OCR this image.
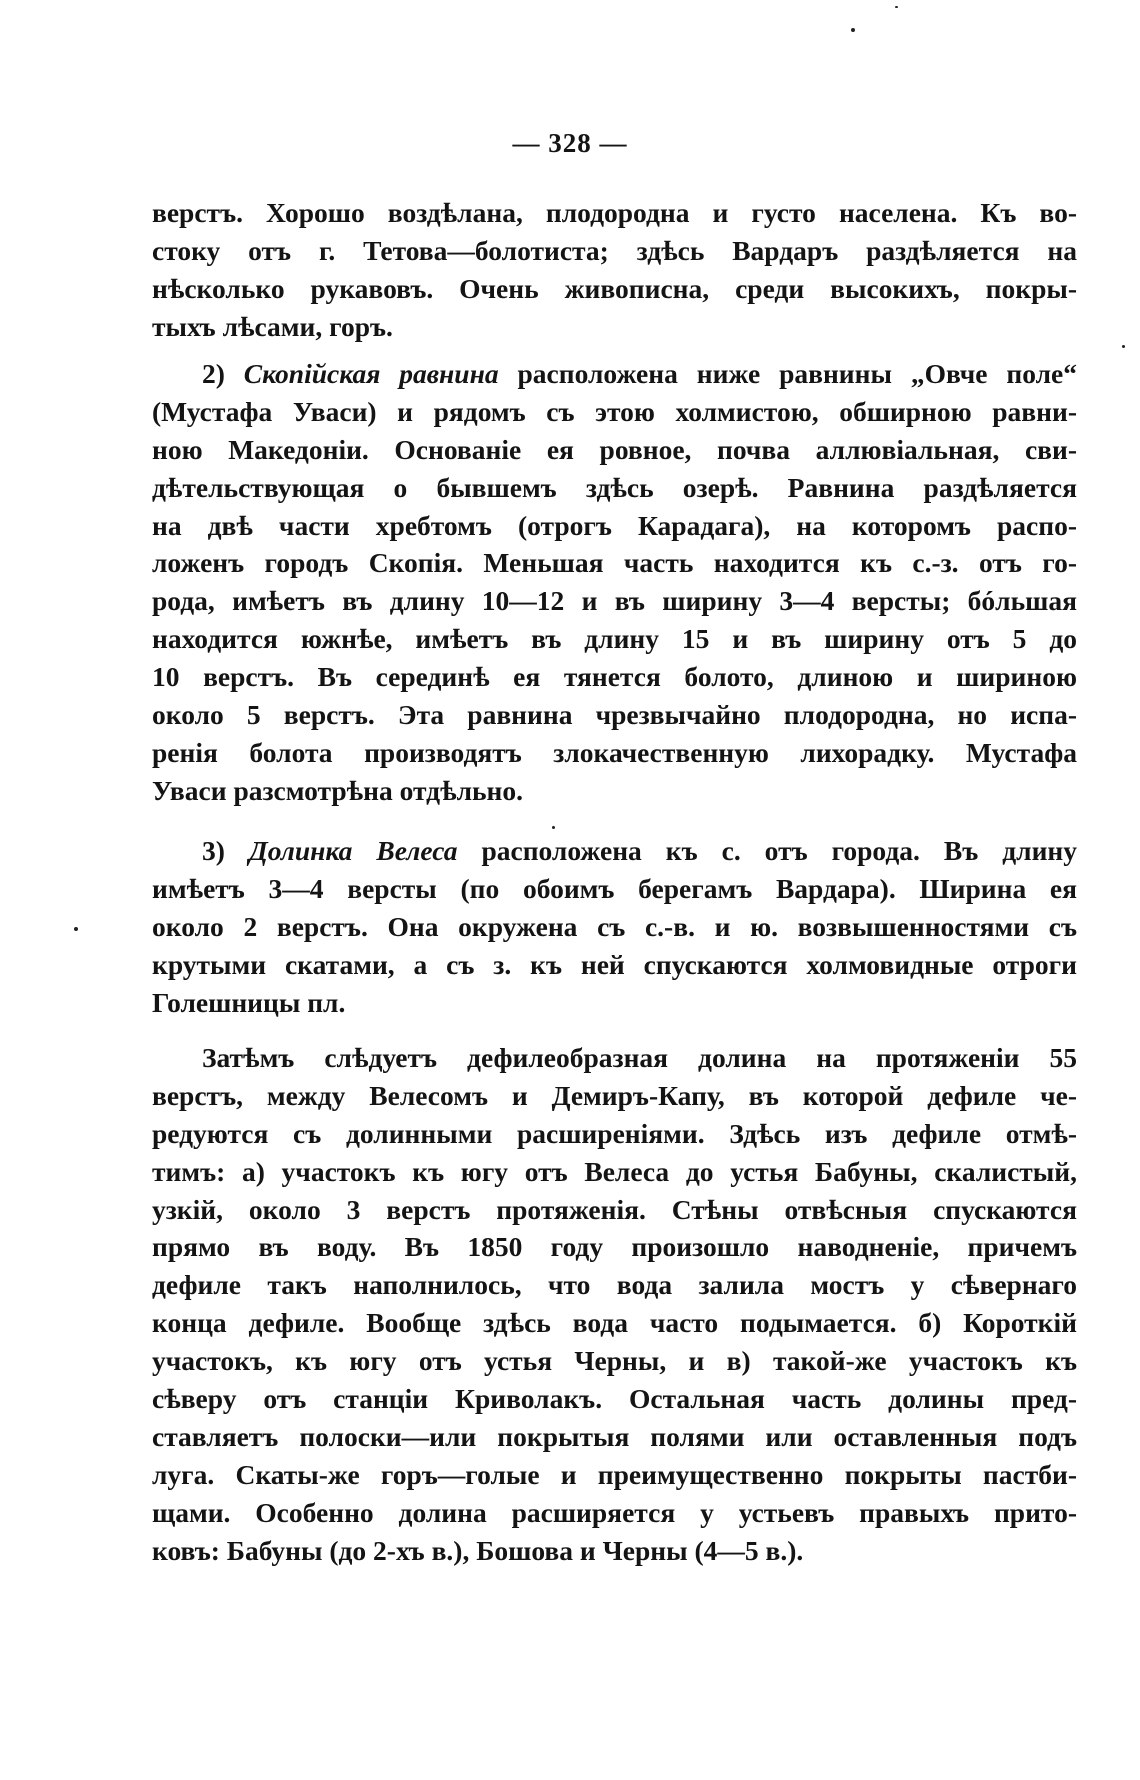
— 328 —
верстъ. Хорошо воздѣлана, плодородна и густо населена. Къ во-
стоку отъ г. Тетова—болотиста; здѣсь Вардаръ раздѣляется на
нѣсколько рукавовъ. Очень живописна, среди высокихъ, покры-
тыхъ лѣсами, горъ.
2) Скопійская равнина расположена ниже равнины „Овче поле“
(Мустафа Уваси) и рядомъ съ этою холмистою, обширною равни-
ною Македоніи. Основаніе ея ровное, почва аллювіальная, сви-
дѣтельствующая о бывшемъ здѣсь озерѣ. Равнина раздѣляется
на двѣ части хребтомъ (отрогъ Карадага), на которомъ распо-
ложенъ городъ Скопія. Меньшая часть находится къ с.-з. отъ го-
рода, имѣетъ въ длину 10—12 и въ ширину 3—4 версты; бóльшая
находится южнѣе, имѣетъ въ длину 15 и въ ширину отъ 5 до
10 верстъ. Въ серединѣ ея тянется болото, длиною и шириною
около 5 верстъ. Эта равнина чрезвычайно плодородна, но испа-
ренія болота производятъ злокачественную лихорадку. Мустафа
Уваси разсмотрѣна отдѣльно.
3) Долинка Велеса расположена къ с. отъ города. Въ длину
имѣетъ 3—4 версты (по обоимъ берегамъ Вардара). Ширина ея
около 2 верстъ. Она окружена съ с.-в. и ю. возвышенностями съ
крутыми скатами, а съ з. къ ней спускаются холмовидные отроги
Голешницы пл.
Затѣмъ слѣдуетъ дефилеобразная долина на протяженіи 55
верстъ, между Велесомъ и Демиръ-Капу, въ которой дефиле че-
редуются съ долинными расширеніями. Здѣсь изъ дефиле отмѣ-
тимъ: а) участокъ къ югу отъ Велеса до устья Бабуны, скалистый,
узкій, около 3 верстъ протяженія. Стѣны отвѣсныя спускаются
прямо въ воду. Въ 1850 году произошло наводненіе, причемъ
дефиле такъ наполнилось, что вода залила мостъ у сѣвернаго
конца дефиле. Вообще здѣсь вода часто подымается. б) Короткій
участокъ, къ югу отъ устья Черны, и в) такой-же участокъ къ
сѣверу отъ станціи Криволакъ. Остальная часть долины пред-
ставляетъ полоски—или покрытыя полями или оставленныя подъ
луга. Скаты-же горъ—голые и преимущественно покрыты пастби-
щами. Особенно долина расширяется у устьевъ правыхъ прито-
ковъ: Бабуны (до 2-хъ в.), Бошова и Черны (4—5 в.).
